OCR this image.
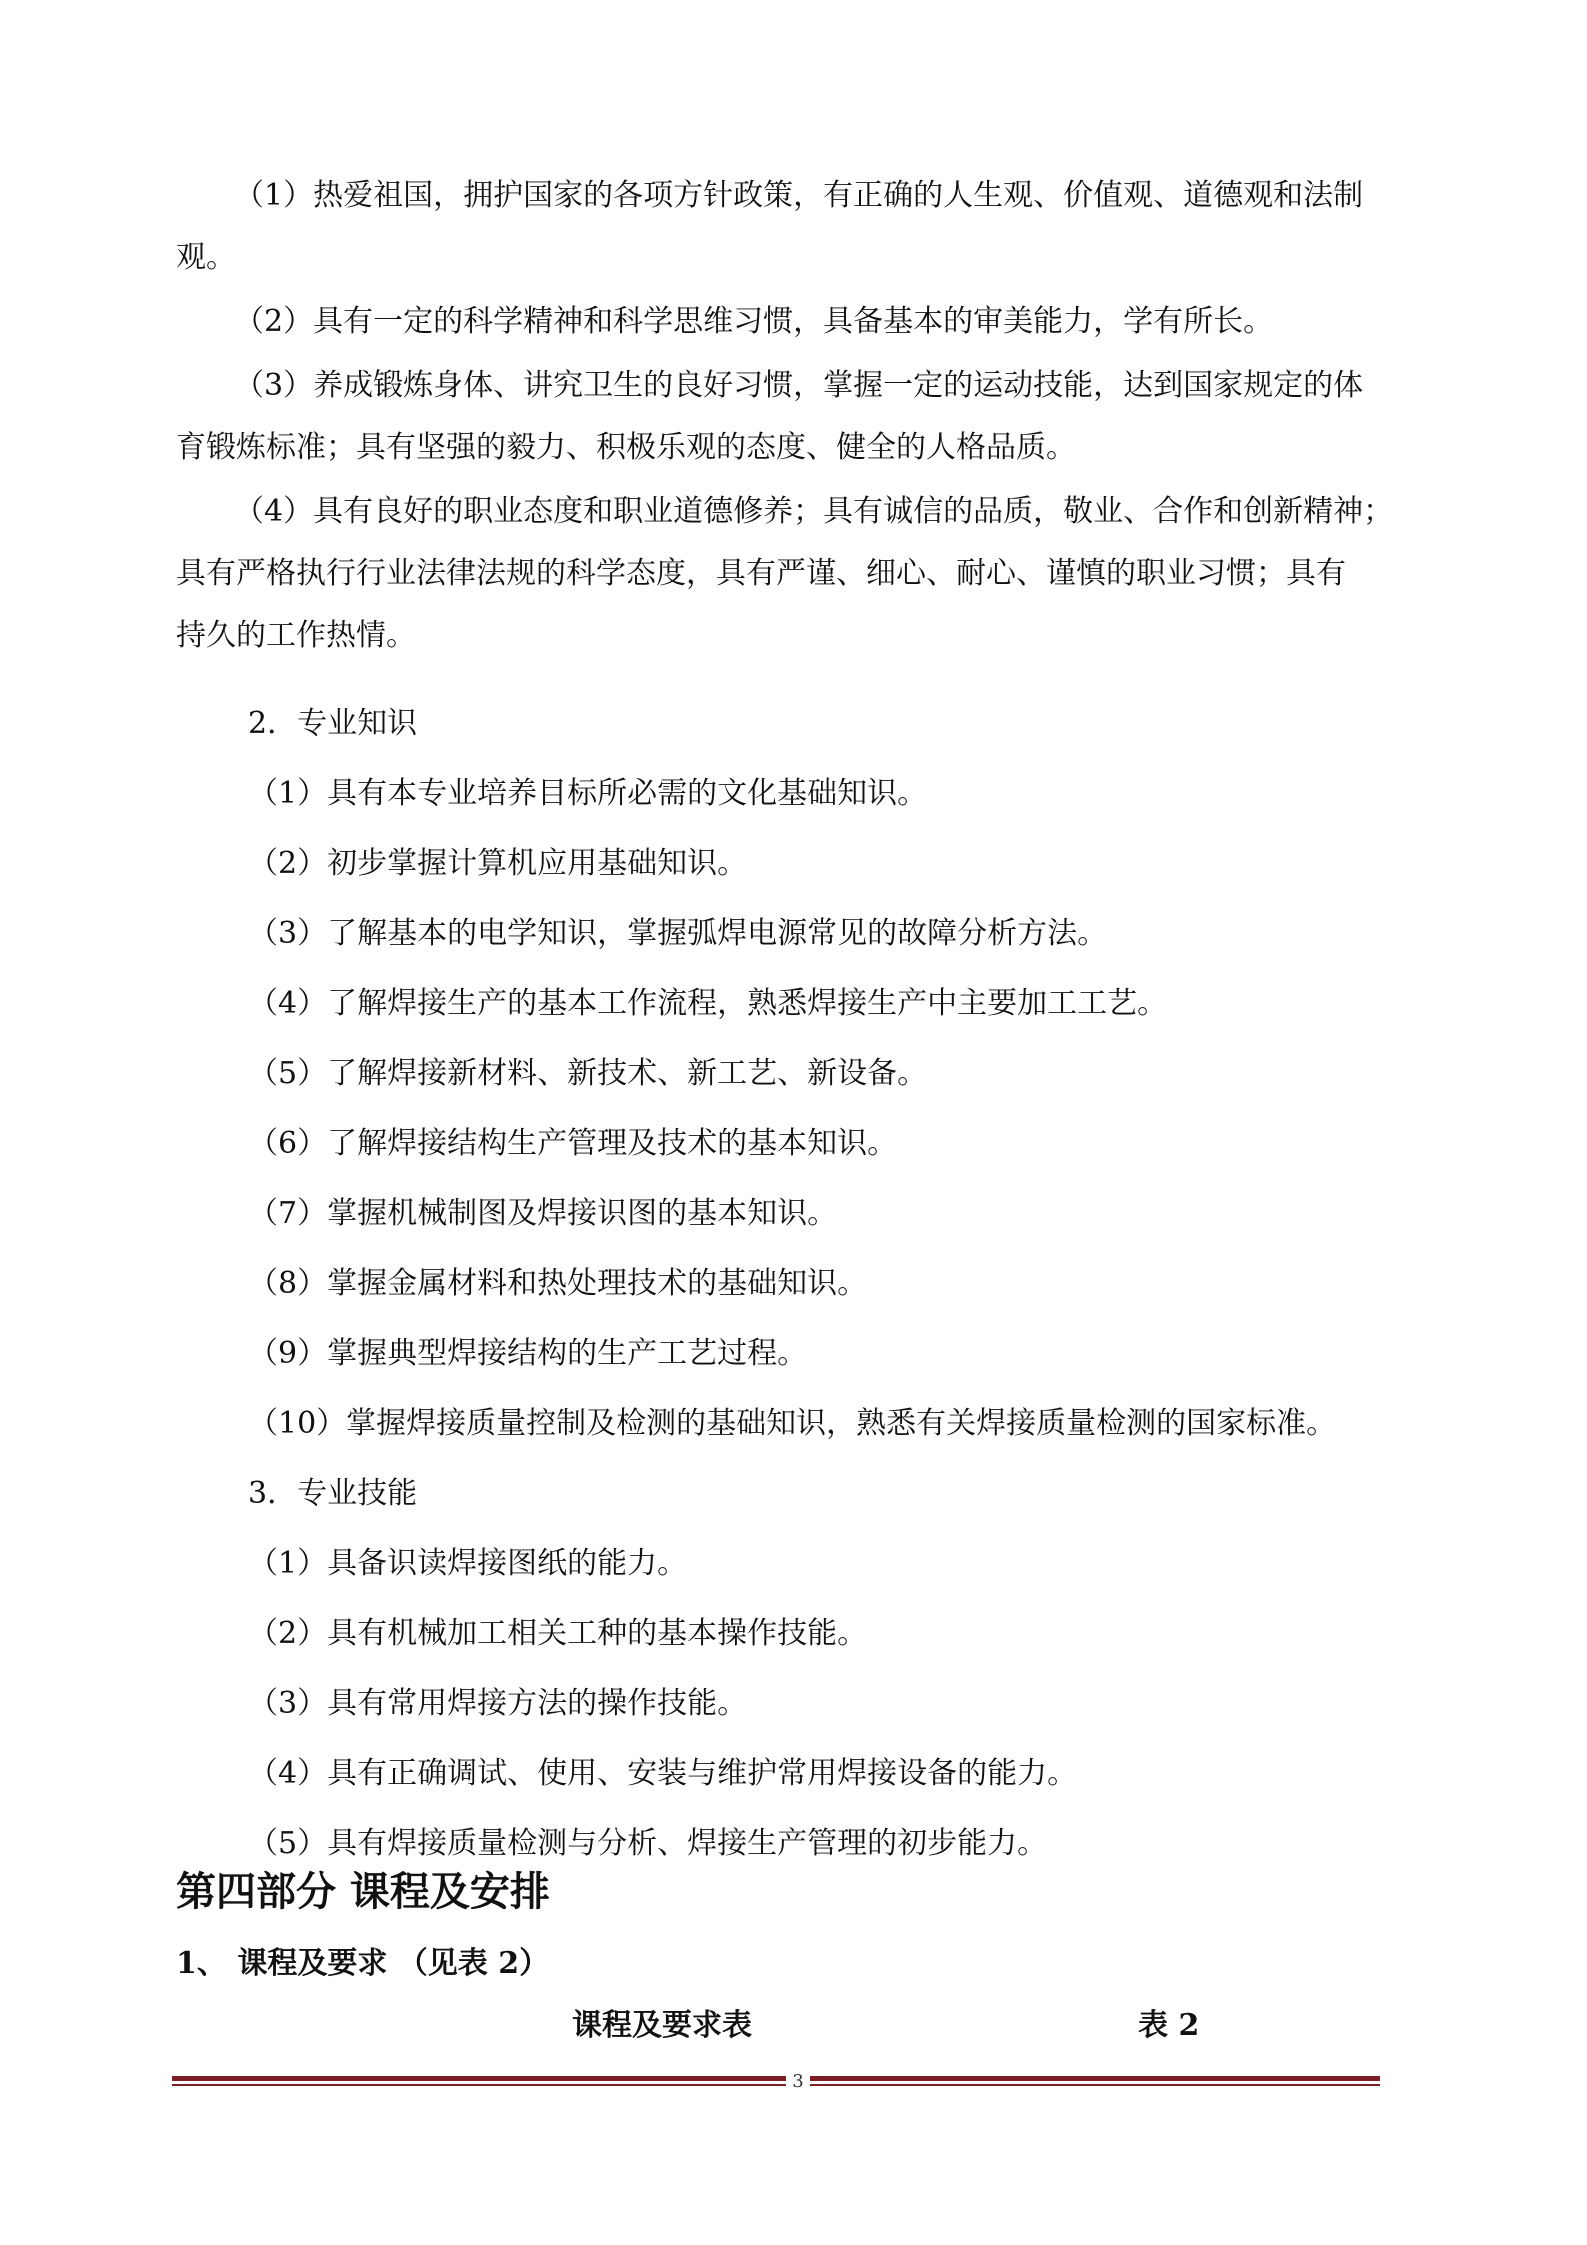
（1）热爱祖国，拥护国家的各项方针政策，有正确的人生观、价值观、道德观和法制
观。
（2）具有一定的科学精神和科学思维习惯，具备基本的审美能力，学有所长。
（3）养成锻炼身体、讲究卫生的良好习惯，掌握一定的运动技能，达到国家规定的体
育锻炼标准；具有坚强的毅力、积极乐观的态度、健全的人格品质。
（4）具有良好的职业态度和职业道德修养；具有诚信的品质，敬业、合作和创新精神；
具有严格执行行业法律法规的科学态度，具有严谨、细心、耐心、谨慎的职业习惯；具有
持久的工作热情。
2．专业知识
（1）具有本专业培养目标所必需的文化基础知识。
（2）初步掌握计算机应用基础知识。
（3）了解基本的电学知识，掌握弧焊电源常见的故障分析方法。
（4）了解焊接生产的基本工作流程，熟悉焊接生产中主要加工工艺。
（5）了解焊接新材料、新技术、新工艺、新设备。
（6）了解焊接结构生产管理及技术的基本知识。
（7）掌握机械制图及焊接识图的基本知识。
（8）掌握金属材料和热处理技术的基础知识。
（9）掌握典型焊接结构的生产工艺过程。
（10）掌握焊接质量控制及检测的基础知识，熟悉有关焊接质量检测的国家标准。
3．专业技能
（1）具备识读焊接图纸的能力。
（2）具有机械加工相关工种的基本操作技能。
（3）具有常用焊接方法的操作技能。
（4）具有正确调试、使用、安装与维护常用焊接设备的能力。
（5）具有焊接质量检测与分析、焊接生产管理的初步能力。
第四部分 课程及安排
1、 课程及要求 （见表 2）
课程及要求表	表 2
3
